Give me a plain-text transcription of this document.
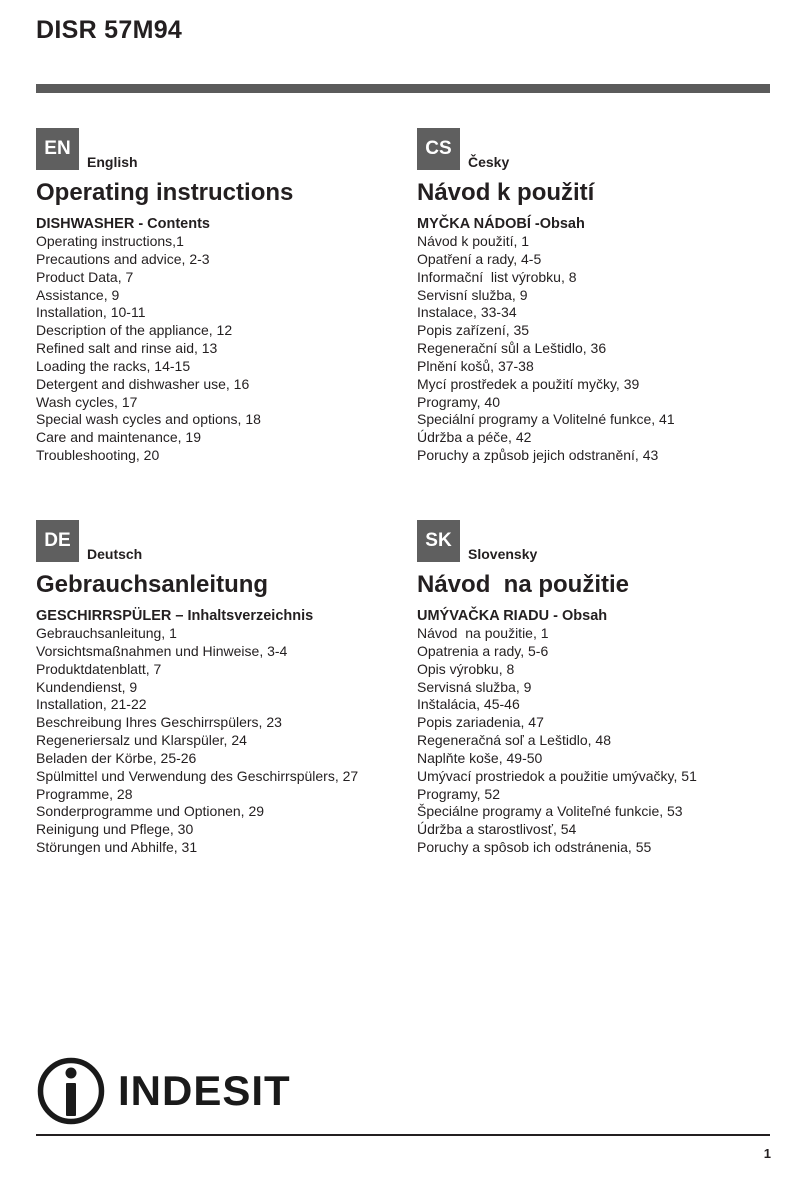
DISR 57M94
EN
English
Operating instructions
DISHWASHER - Contents
Operating instructions,1
Precautions and advice, 2-3
Product Data, 7
Assistance, 9
Installation, 10-11
Description of the appliance, 12
Refined salt and rinse aid, 13
Loading the racks, 14-15
Detergent and dishwasher use, 16
Wash cycles, 17
Special wash cycles and options, 18
Care and maintenance, 19
Troubleshooting, 20
CS
Česky
Návod k použití
MYČKA NÁDOBÍ -Obsah
Návod k použití, 1
Opatření a rady, 4-5
Informační  list výrobku, 8
Servisní služba, 9
Instalace, 33-34
Popis zařízení, 35
Regenerační sůl a Leštidlo, 36
Plnění košů, 37-38
Mycí prostředek a použití myčky, 39
Programy, 40
Speciální programy a Volitelné funkce, 41
Údržba a péče, 42
Poruchy a způsob jejich odstranění, 43
DE
Deutsch
Gebrauchsanleitung
GESCHIRRSPÜLER – Inhaltsverzeichnis
Gebrauchsanleitung, 1
Vorsichtsmaßnahmen und Hinweise, 3-4
Produktdatenblatt, 7
Kundendienst, 9
Installation, 21-22
Beschreibung Ihres Geschirrspülers, 23
Regeneriersalz und Klarspüler, 24
Beladen der Körbe, 25-26
Spülmittel und Verwendung des Geschirrspülers, 27
Programme, 28
Sonderprogramme und Optionen, 29
Reinigung und Pflege, 30
Störungen und Abhilfe, 31
SK
Slovensky
Návod  na použitie
UMÝVAČKA RIADU - Obsah
Návod  na použitie, 1
Opatrenia a rady, 5-6
Opis výrobku, 8
Servisná služba, 9
Inštalácia, 45-46
Popis zariadenia, 47
Regeneračná soľ a Leštidlo, 48
Naplňte koše, 49-50
Umývací prostriedok a použitie umývačky, 51
Programy, 52
Špeciálne programy a Voliteľné funkcie, 53
Údržba a starostlivosť, 54
Poruchy a spôsob ich odstránenia, 55
INDESIT
1
